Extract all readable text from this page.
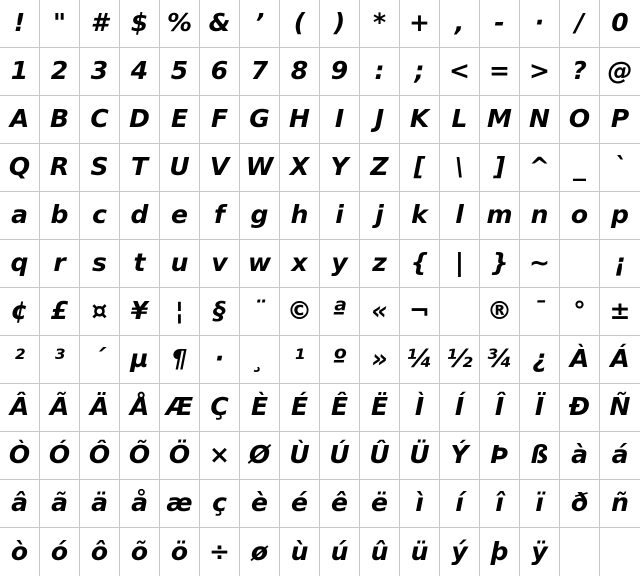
! " # $ % & ’ ( ) * + , - · / 0
1 2 3 4 5 6 7 8 9 : ; < = > ? @
A B C D E F G H I J K L M N O P
Q R S T U V W X Y Z [ \ ] ^ _ `
a b c d e f g h i j k l m n o p
q r s t u v w x y z { | } ~	¡
¢ £ ¤ ¥ ¦ § ¨ © ª « ¬ ® ¯ ° ±
² ³ ´ µ ¶ · ¸ ¹ º » ¼ ½ ¾ ¿ À Á
Â Ã Ä Å Æ Ç È É Ê Ë Ì Í Î Ï Ð Ñ
Ò Ó Ô Õ Ö × Ø Ù Ú Û Ü Ý Þ ß à á
â ã ä å æ ç è é ê ë ì í î ï ð ñ
ò ó ô õ ö ÷ ø ù ú û ü ý þ ÿ
